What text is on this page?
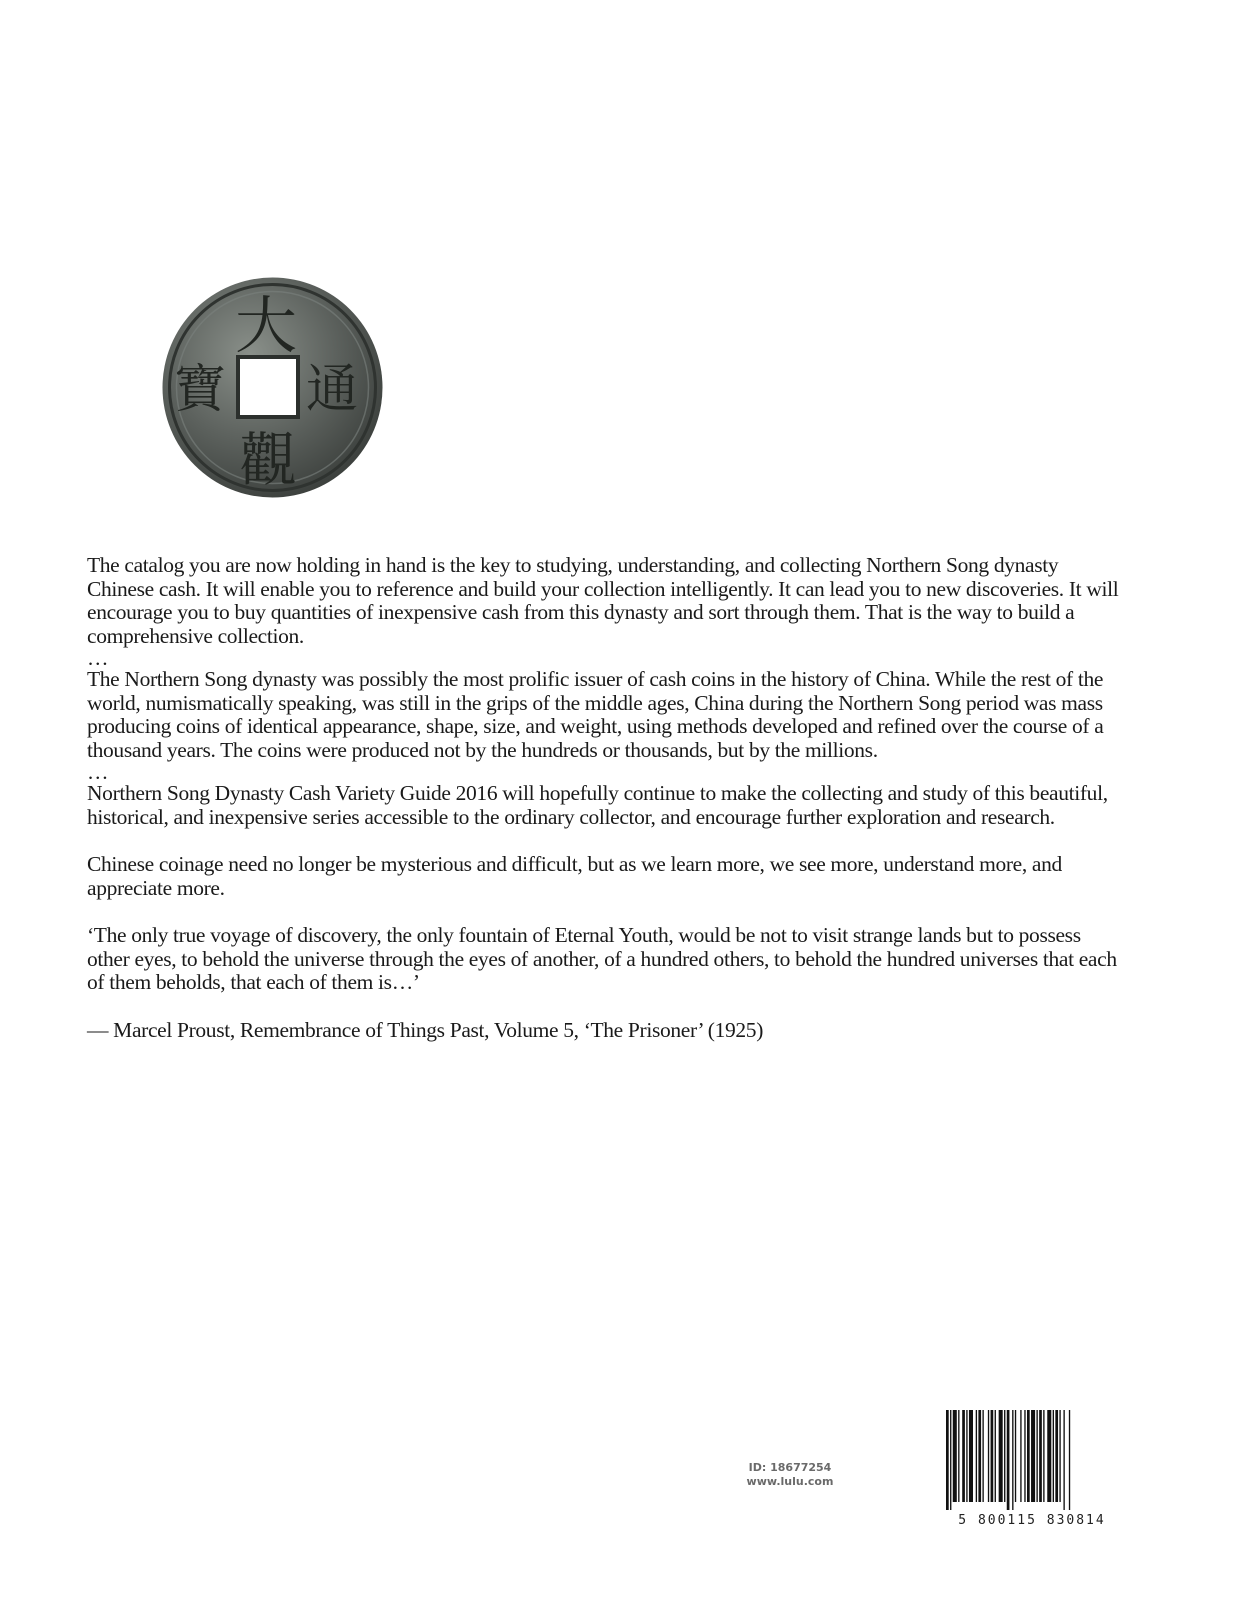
大
觀
通
寶

The catalog you are now holding in hand is the key to studying, understanding, and collecting Northern Song dynasty Chinese cash. It will enable you to reference and build your collection intelligently. It can lead you to new discoveries. It will encourage you to buy quantities of inexpensive cash from this dynasty and sort through them. That is the way to build a comprehensive collection.

…

The Northern Song dynasty was possibly the most prolific issuer of cash coins in the history of China. While the rest of the world, numismatically speaking, was still in the grips of the middle ages, China during the Northern Song period was mass producing coins of identical appearance, shape, size, and weight, using methods developed and refined over the course of a thousand years. The coins were produced not by the hundreds or thousands, but by the millions.

…

Northern Song Dynasty Cash Variety Guide 2016 will hopefully continue to make the collecting and study of this beautiful, historical, and inexpensive series accessible to the ordinary collector, and encourage further exploration and research.

Chinese coinage need no longer be mysterious and difficult, but as we learn more, we see more, understand more, and appreciate more.

‘The only true voyage of discovery, the only fountain of Eternal Youth, would be not to visit strange lands but to possess other eyes, to behold the universe through the eyes of another, of a hundred others, to behold the hundred universes that each of them beholds, that each of them is…’

— Marcel Proust, Remembrance of Things Past, Volume 5, ‘The Prisoner’ (1925)

ID: 18677254
www.lulu.com
5 800115 830814
